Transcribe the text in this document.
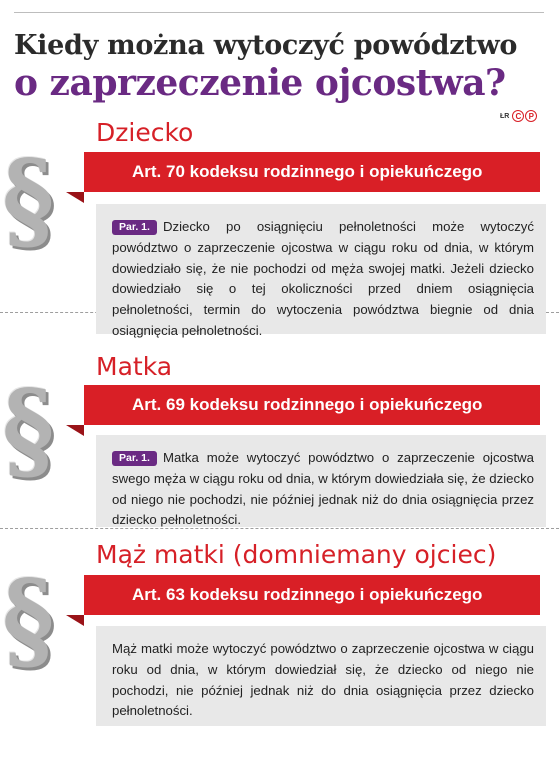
Kiedy można wytoczyć powództwo
o zaprzeczenie ojcostwa?
ŁR C P
Dziecko
§	Art. 70 kodeksu rodzinnego i opiekuńczego
Par. 1. Dziecko po osiągnięciu pełnoletności może wytoczyć powództwo o zaprzeczenie ojcostwa w ciągu roku od dnia, w którym dowiedziało się, że nie pochodzi od męża swojej matki. Jeżeli dziecko dowiedziało się o tej okoliczności przed dniem osiągnięcia pełnoletności, termin do wytoczenia powództwa biegnie od dnia osiągnięcia pełnoletności.
Matka
§	Art. 69 kodeksu rodzinnego i opiekuńczego
Par. 1. Matka może wytoczyć powództwo o zaprzeczenie ojcostwa swego męża w ciągu roku od dnia, w którym dowiedziała się, że dziecko od niego nie pochodzi, nie później jednak niż do dnia osiągnięcia przez dziecko pełnoletności.
Mąż matki (domniemany ojciec)
§	Art. 63 kodeksu rodzinnego i opiekuńczego
Mąż matki może wytoczyć powództwo o zaprzeczenie ojcostwa w ciągu roku od dnia, w którym dowiedział się, że dziecko od niego nie pochodzi, nie później jednak niż do dnia osiągnięcia przez dziecko pełnoletności.
